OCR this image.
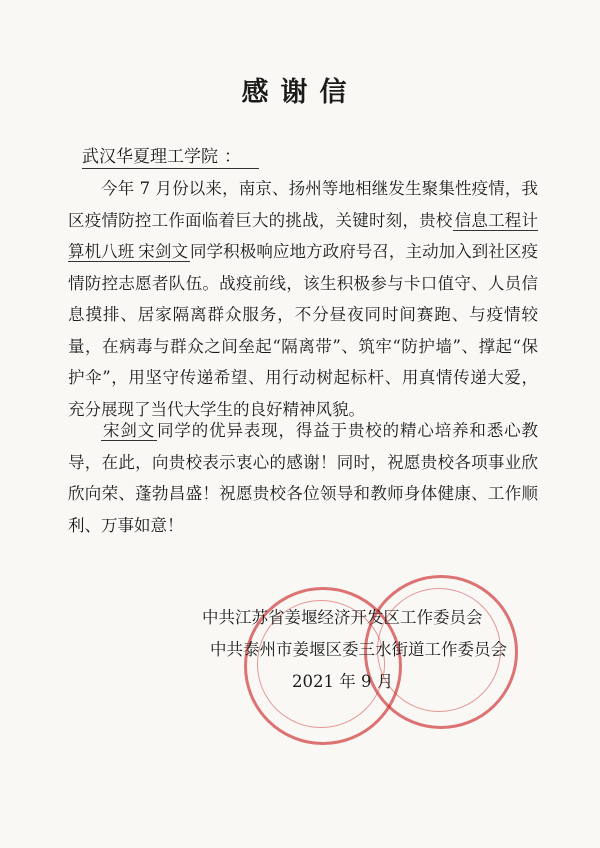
感谢信
武汉华夏理工学院 ：
今年 7 月份以来，南京、扬州等地相继发生聚集性疫情，我区疫情防控工作面临着巨大的挑战，关键时刻，贵校 信息工程计算机八班 宋剑文 同学积极响应地方政府号召，主动加入到社区疫情防控志愿者队伍。战疫前线，该生积极参与卡口值守、人员信息摸排、居家隔离群众服务，不分昼夜同时间赛跑、与疫情较量，在病毒与群众之间垒起“隔离带”、筑牢“防护墙”、撑起“保护伞”，用坚守传递希望、用行动树起标杆、用真情传递大爱，充分展现了当代大学生的良好精神风貌。
宋剑文 同学的优异表现，得益于贵校的精心培养和悉心教导，在此，向贵校表示衷心的感谢！同时，祝愿贵校各项事业欣欣向荣、蓬勃昌盛！祝愿贵校各位领导和教师身体健康、工作顺利、万事如意！
中共江苏省姜堰经济开发区工作委员会
中共泰州市姜堰区委三水街道工作委员会
2021 年 9 月
